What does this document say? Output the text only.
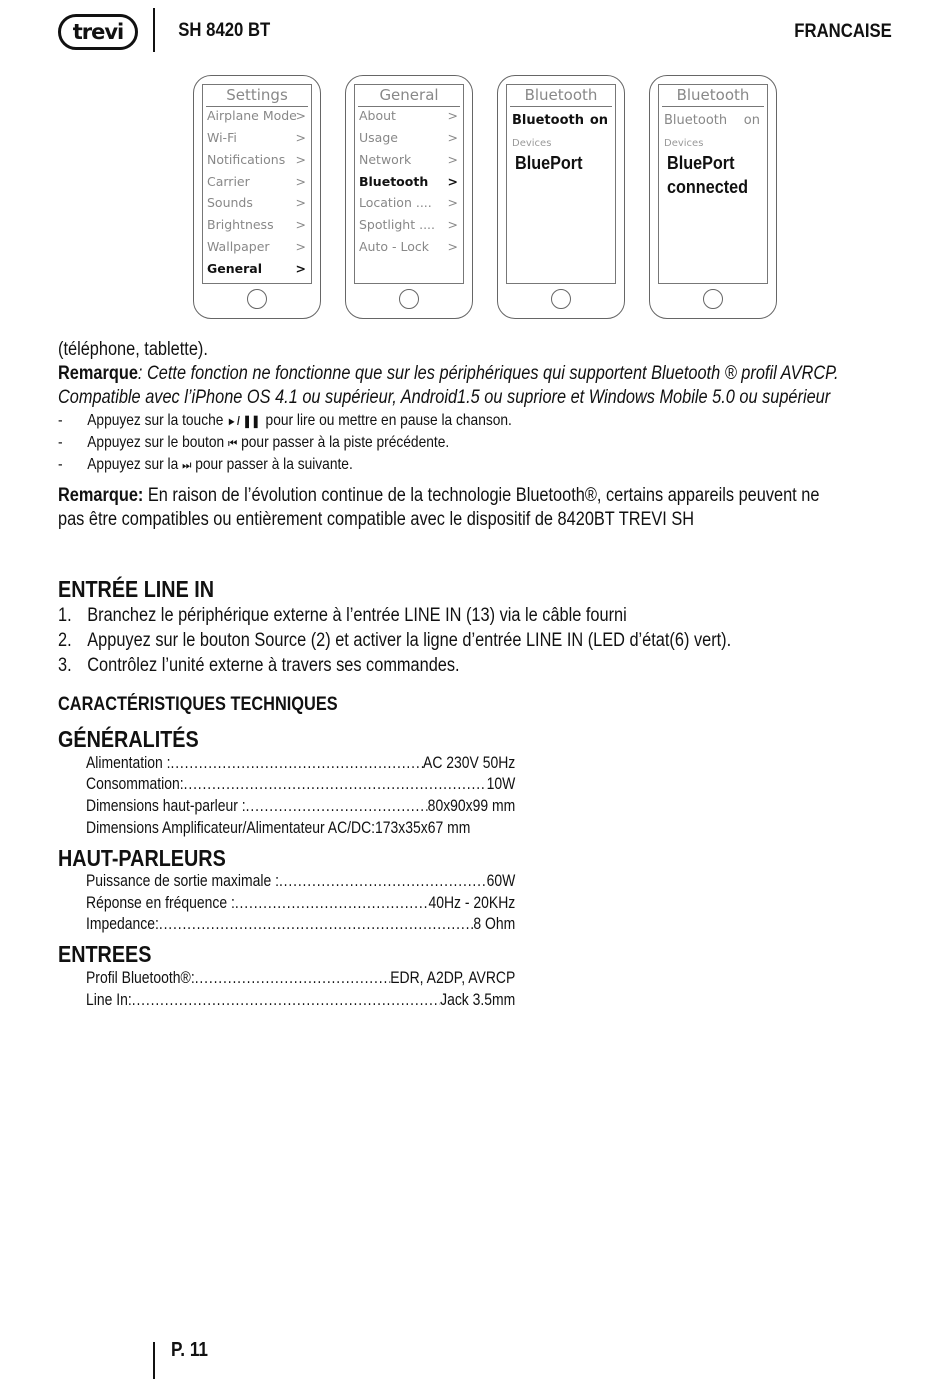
trevi	SH 8420 BT	FRANCAISE
Settings
Airplane Mode
>
Wi-Fi	>
Notifications >
Carrier	>
Sounds	>
Brightness >
Wallpaper >
General	>
General
About	>
Usage	>
Network	>
Bluetooth >
Location .... >
Spotlight .... >
Auto - Lock >
Bluetooth
Bluetooth on
Devices
BluePort
Bluetooth
Bluetooth on
Devices
BluePort
connected
(téléphone, tablette).
Remarque: Cette fonction ne fonctionne que sur les périphériques qui supportent Bluetooth ® profil AVRCP.
Compatible avec l’iPhone OS 4.1 ou supérieur, Android1.5 ou supriore et Windows Mobile 5.0 ou supérieur
- Appuyez sur la touche ▸ / ❚❚ pour lire ou mettre en pause la chanson.
- Appuyez sur le bouton ⏮ pour passer à la piste précédente.
- Appuyez sur la ⏭ pour passer à la suivante.
Remarque: En raison de l’évolution continue de la technologie Bluetooth®, certains appareils peuvent ne
pas être compatibles ou entièrement compatible avec le dispositif de 8420BT TREVI SH
ENTRÉE LINE IN
1. Branchez le périphérique externe à l’entrée LINE IN (13) via le câble fourni
2. Appuyez sur le bouton Source (2) et activer la ligne d’entrée LINE IN (LED d’état(6) vert).
3. Contrôlez l’unité externe à travers ses commandes.
CARACTÉRISTIQUES TECHNIQUES
GÉNÉRALITÉS
Alimentation : .....	AC 230V 50Hz
Consommation: .....	10W
Dimensions haut-parleur : .....	80x90x99 mm
Dimensions Amplificateur/Alimentateur AC/DC:173x35x67 mm
HAUT-PARLEURS
Puissance de sortie maximale : .....	60W
Réponse en fréquence : .....	40Hz - 20KHz
Impedance: .....	8 Ohm
ENTREES
Profil Bluetooth®: .....	EDR, A2DP, AVRCP
Line In: .....	Jack 3.5mm
P. 11
